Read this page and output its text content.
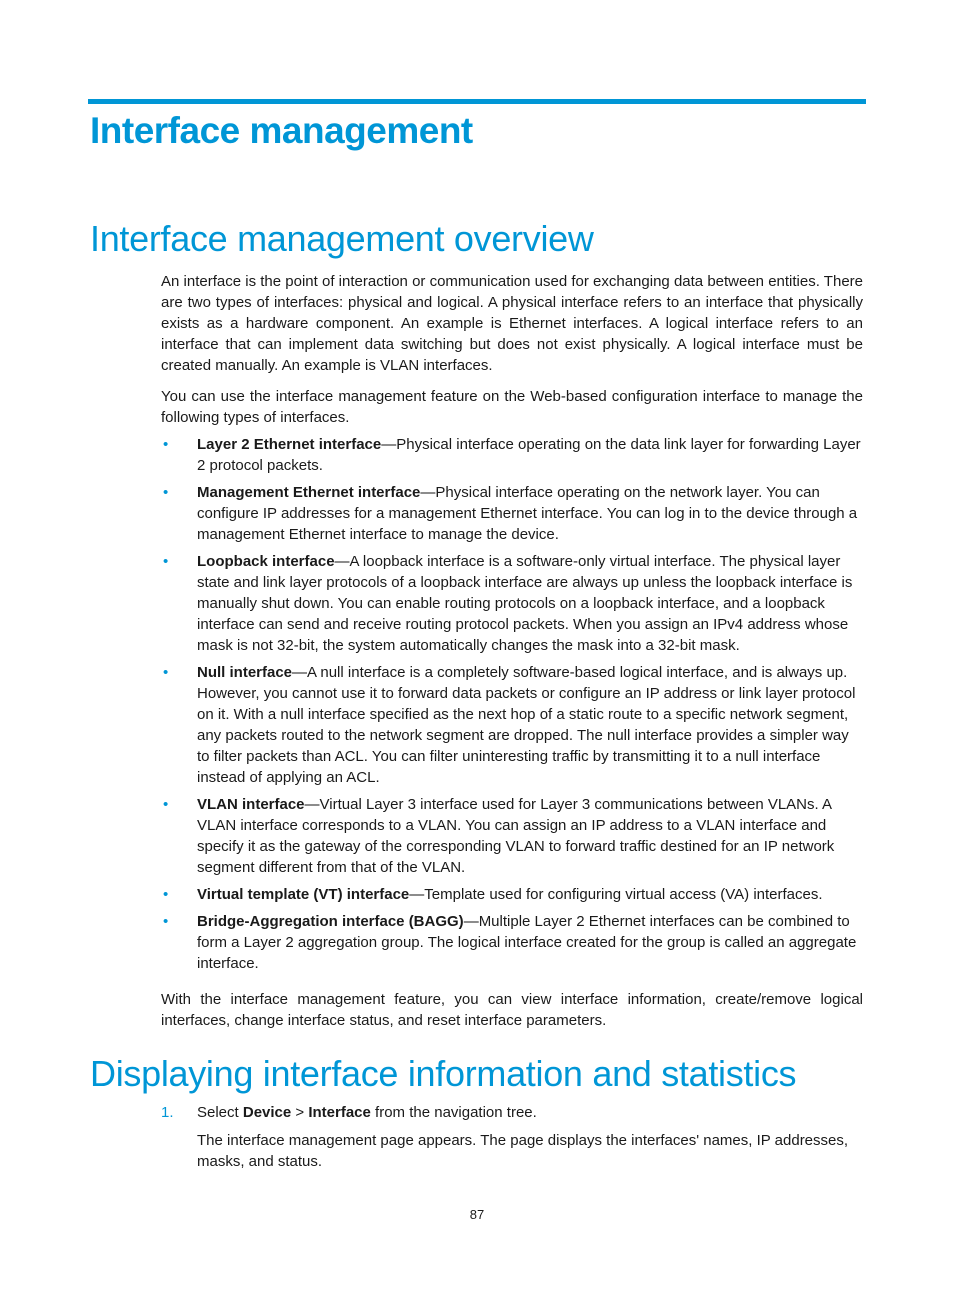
Interface management
Interface management overview

An interface is the point of interaction or communication used for exchanging data between entities. There are two types of interfaces: physical and logical. A physical interface refers to an interface that physically exists as a hardware component. An example is Ethernet interfaces. A logical interface refers to an interface that can implement data switching but does not exist physically. A logical interface must be created manually. An example is VLAN interfaces.

You can use the interface management feature on the Web-based configuration interface to manage the following types of interfaces.

• Layer 2 Ethernet interface—Physical interface operating on the data link layer for forwarding Layer 2 protocol packets.
• Management Ethernet interface—Physical interface operating on the network layer. You can configure IP addresses for a management Ethernet interface. You can log in to the device through a management Ethernet interface to manage the device.
• Loopback interface—A loopback interface is a software-only virtual interface. The physical layer state and link layer protocols of a loopback interface are always up unless the loopback interface is manually shut down. You can enable routing protocols on a loopback interface, and a loopback interface can send and receive routing protocol packets. When you assign an IPv4 address whose mask is not 32-bit, the system automatically changes the mask into a 32-bit mask.
• Null interface—A null interface is a completely software-based logical interface, and is always up. However, you cannot use it to forward data packets or configure an IP address or link layer protocol on it. With a null interface specified as the next hop of a static route to a specific network segment, any packets routed to the network segment are dropped. The null interface provides a simpler way to filter packets than ACL. You can filter uninteresting traffic by transmitting it to a null interface instead of applying an ACL.
• VLAN interface—Virtual Layer 3 interface used for Layer 3 communications between VLANs. A VLAN interface corresponds to a VLAN. You can assign an IP address to a VLAN interface and specify it as the gateway of the corresponding VLAN to forward traffic destined for an IP network segment different from that of the VLAN.
• Virtual template (VT) interface—Template used for configuring virtual access (VA) interfaces.
• Bridge-Aggregation interface (BAGG)—Multiple Layer 2 Ethernet interfaces can be combined to form a Layer 2 aggregation group. The logical interface created for the group is called an aggregate interface.

With the interface management feature, you can view interface information, create/remove logical interfaces, change interface status, and reset interface parameters.

Displaying interface information and statistics
1.	Select Device > Interface from the navigation tree.

The interface management page appears. The page displays the interfaces' names, IP addresses, masks, and status.

87
